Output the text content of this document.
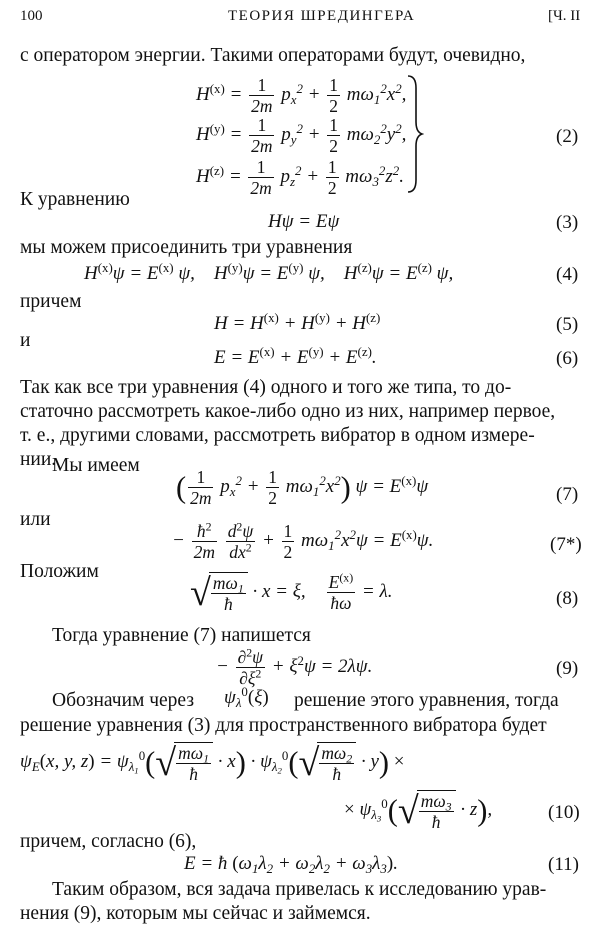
100	ТЕОРИЯ ШРЕДИНГЕРА	[Ч. II
с оператором энергии. Такими операторами будут, очевидно,
$H^{(x)} = \frac{1}{2m} p_x^2 + \frac{1}{2} m\omega_1^2x^2$,
$H^{(y)} = \frac{1}{2m} p_y^2 + \frac{1}{2} m\omega_2^2y^2$,
$H^{(z)} = \frac{1}{2m} p_z^2 + \frac{1}{2} m\omega_3^2z^2$.
(2)
К уравнению
Hψ = Eψ	(3)
мы можем присоединить три уравнения
$H^{(x)}\psi = E^{(x)}$ ψ,    $H^{(y)}\psi = E^{(y)}$ ψ,    $H^{(z)}\psi = E^{(z)}$ ψ,	(4)
причем
$H = H^{(x)} + H^{(y)} + H^{(z)}$	(5)
и
$E = E^{(x)} + E^{(y)} + E^{(z)}$.	(6)
Так как все три уравнения (4) одного и того же типа, то до-
статочно рассмотреть какое-либо одно из них, например первое,
т. е., другими словами, рассмотреть вибратор в одном измере-
нии.
Мы имеем
( $\frac{1}{2m} p_x^2 + \frac{1}{2} m\omega_1^2x^2$) $\psi = E^{(x)}\psi$	(7)
или
− $\frac{ħ^2}{2m}$
$\frac{d^2\psi}{dx^2} + \frac{1}{2} m\omega_1^2x^2\psi = E^{(x)}\psi$.	(7*)
Положим
√ $\frac{m\omega_1}{ħ} \cdot x = \xi$, $\frac{E^{(x)}}{ħ\omega} = \lambda$.	(8)
Тогда уравнение (7) напишется
− $\frac{\partial^2\psi}{\partial\xi^2} + \xi^2\psi = 2\lambda\psi$.	(9)
Обозначим через $\psi_\lambda^0(\xi)$ решение этого уравнения, тогда
решение уравнения (3) для пространственного вибратора будет
$\psi_E(x$, y, $z) = \psi_{\lambda_1}^0(√ \frac{m\omega_1}{ħ} \cdot x) \cdot \psi_{\lambda_2}^0(√ \frac{m\omega_2}{ħ} \cdot y)$ ×
× $\psi_{\lambda_3}^0(√ \frac{m\omega_3}{ħ} \cdot z)$,	(10)
причем, согласно (6),
E = ħ $(\omega_1\lambda_2 + \omega_2\lambda_2 + \omega_3\lambda_3)$.	(11)
Таким образом, вся задача привелась к исследованию урав-
нения (9), которым мы сейчас и займемся.
